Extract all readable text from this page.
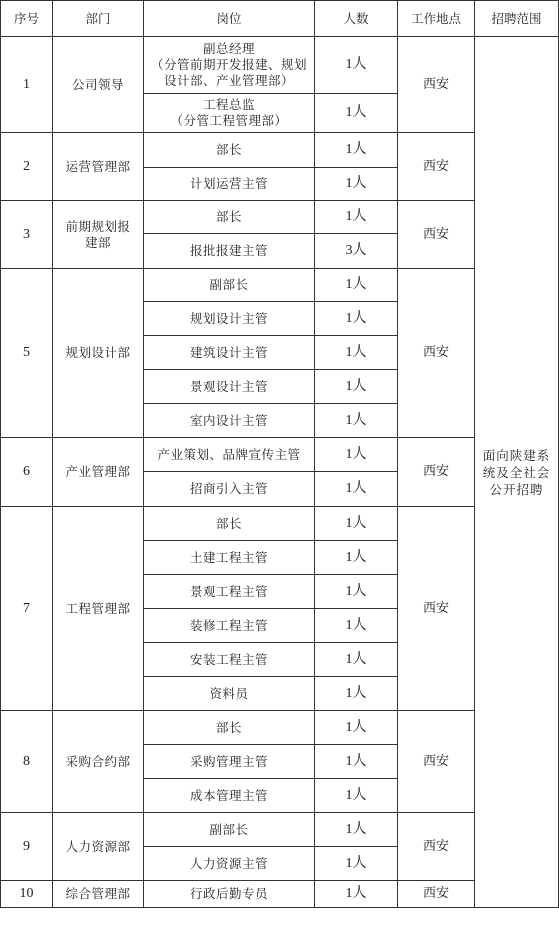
序号	部门	岗位	人数	工作地点	招聘范围
1	公司领导	副总经理
（分管前期开发报建、规划
设计部、产业管理部）	1人	西安	面向陕建系
统及全社会
公开招聘

		工程总监
（分管工程管理部）	1人		
2	运营管理部	部长	1人	西安	

		计划运营主管	1人		
3	前期规划报
建部	部长	1人	西安	

		报批报建主管	3人		
5	规划设计部	副部长	1人	西安	

		规划设计主管	1人		

		建筑设计主管	1人		

		景观设计主管	1人		

		室内设计主管	1人		
6	产业管理部	产业策划、品牌宣传主管	1人	西安	

		招商引入主管	1人		
7	工程管理部	部长	1人	西安	

		土建工程主管	1人		

		景观工程主管	1人		

		装修工程主管	1人		

		安装工程主管	1人		

		资料员	1人		
8	采购合约部	部长	1人	西安	

		采购管理主管	1人		

		成本管理主管	1人		
9	人力资源部	副部长	1人	西安	

		人力资源主管	1人		
10	综合管理部	行政后勤专员	1人	西安	
